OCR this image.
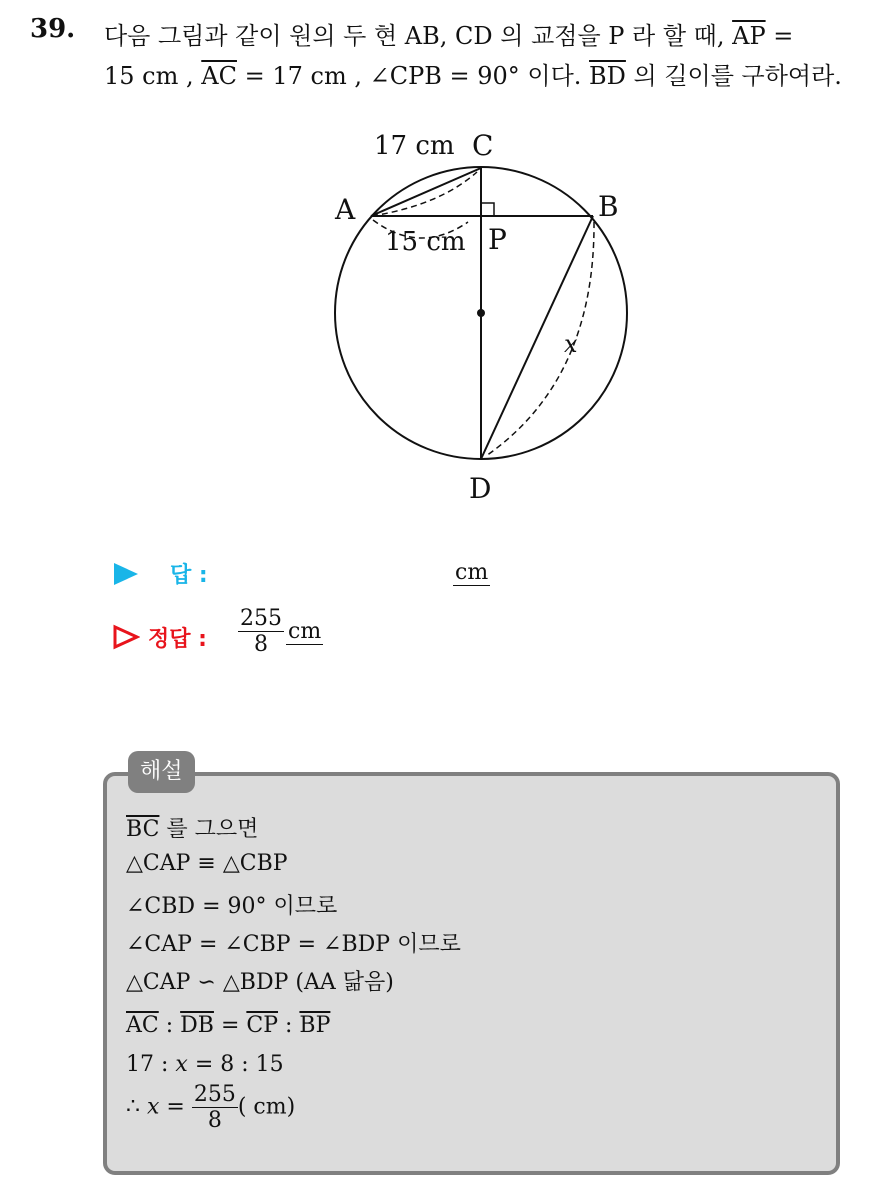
39. 다음 그림과 같이 원의 두 현 AB, CD 의 교점을 P 라 할 때, $\overline{AP}$ =
15 cm , $\overline{AC} = 17$ cm , ∠CPB = 90° 이다. $\overline{BD}$ 의 길이를 구하여라.
17 cm C
A	B
15 cm P
x
D
답 :	cm
정답 : $\frac{255}{8}$ cm
해설
$\overline{BC}$ 를 그으면
△CAP ≡ △CBP
∠CBD = 90° 이므로
∠CAP = ∠CBP = ∠BDP 이므로
△CAP ∽ △BDP (AA 닮음)
$\overline{AC}$ : $\overline{DB} = \overline{CP}$ : $\overline{BP}$
17 : x = 8 : 15
∴ $x = \frac{255}{8}$ ( cm)
